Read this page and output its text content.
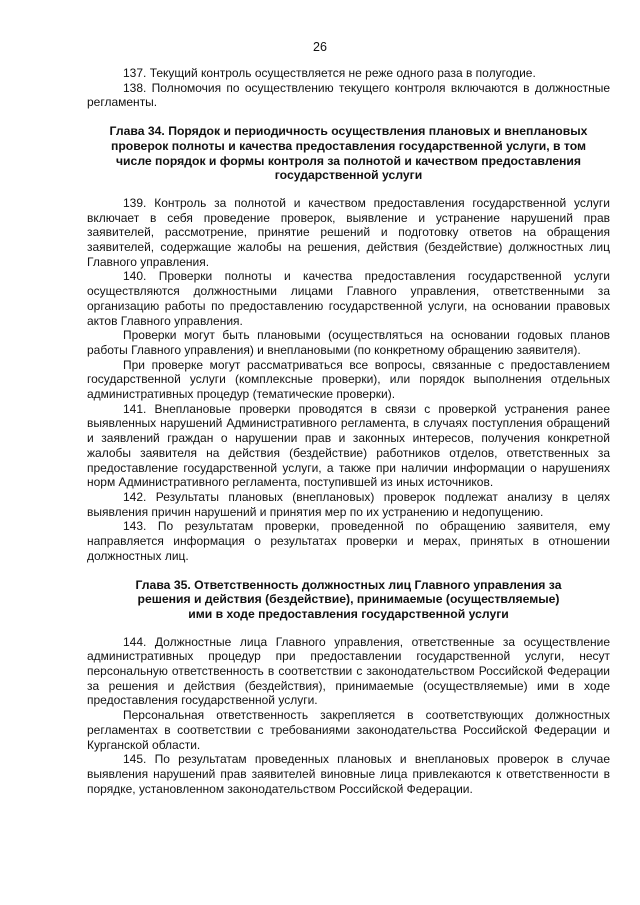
26

137. Текущий контроль осуществляется не реже одного раза в полугодие.

138. Полномочия по осуществлению текущего контроля включаются в должностные регламенты.

Глава 34. Порядок и периодичность осуществления плановых и внеплановых
проверок полноты и качества предоставления государственной услуги, в том
числе порядок и формы контроля за полнотой и качеством предоставления
государственной услуги

139. Контроль за полнотой и качеством предоставления государственной услуги включает в себя проведение проверок, выявление и устранение нарушений прав заявителей, рассмотрение, принятие решений и подготовку ответов на обращения заявителей, содержащие жалобы на решения, действия (бездействие) должностных лиц Главного управления.

140. Проверки полноты и качества предоставления государственной услуги осуществляются должностными лицами Главного управления, ответственными за организацию работы по предоставлению государственной услуги, на основании правовых актов Главного управления.

Проверки могут быть плановыми (осуществляться на основании годовых планов работы Главного управления) и внеплановыми (по конкретному обращению заявителя).

При проверке могут рассматриваться все вопросы, связанные с предоставлением государственной услуги (комплексные проверки), или порядок выполнения отдельных административных процедур (тематические проверки).

141. Внеплановые проверки проводятся в связи с проверкой устранения ранее выявленных нарушений Административного регламента, в случаях поступления обращений и заявлений граждан о нарушении прав и законных интересов, получения конкретной жалобы заявителя на действия (бездействие) работников отделов, ответственных за предоставление государственной услуги, а также при наличии информации о нарушениях норм Административного регламента, поступившей из иных источников.

142. Результаты плановых (внеплановых) проверок подлежат анализу в целях выявления причин нарушений и принятия мер по их устранению и недопущению.

143. По результатам проверки, проведенной по обращению заявителя, ему направляется информация о результатах проверки и мерах, принятых в отношении должностных лиц.

Глава 35. Ответственность должностных лиц Главного управления за
решения и действия (бездействие), принимаемые (осуществляемые)
ими в ходе предоставления государственной услуги

144. Должностные лица Главного управления, ответственные за осуществление административных процедур при предоставлении государственной услуги, несут персональную ответственность в соответствии с законодательством Российской Федерации за решения и действия (бездействия), принимаемые (осуществляемые) ими в ходе предоставления государственной услуги.

Персональная ответственность закрепляется в соответствующих должностных регламентах в соответствии с требованиями законодательства Российской Федерации и Курганской области.

145. По результатам проведенных плановых и внеплановых проверок в случае выявления нарушений прав заявителей виновные лица привлекаются к ответственности в порядке, установленном законодательством Российской Федерации.
